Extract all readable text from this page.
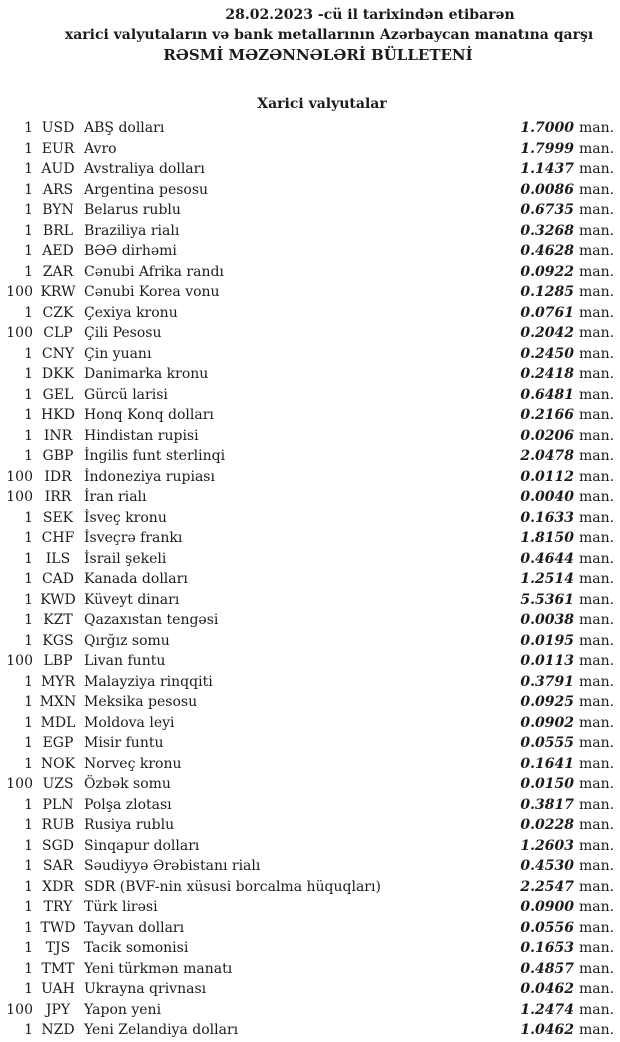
28.02.2023 -cü il tarixindən etibarən
xarici valyutaların və bank metallarının Azərbaycan manatına qarşı
RƏSMİ MƏZƏNNƏLƏRİ BÜLLETENİ
Xarici valyutalar
1 USD ABŞ dolları	1.7000 man.
1 EUR Avro	1.7999 man.
1 AUD Avstraliya dolları	1.1437 man.
1 ARS Argentina pesosu	0.0086 man.
1 BYN Belarus rublu	0.6735 man.
1 BRL Braziliya rialı	0.3268 man.
1 AED BƏƏ dirhəmi	0.4628 man.
1 ZAR Cənubi Afrika randı	0.0922 man.
100 KRW Cənubi Korea vonu	0.1285 man.
1 CZK Çexiya kronu	0.0761 man.
100 CLP Çili Pesosu	0.2042 man.
1 CNY Çin yuanı	0.2450 man.
1 DKK Danimarka kronu	0.2418 man.
1 GEL Gürcü larisi	0.6481 man.
1 HKD Honq Konq dolları	0.2166 man.
1 INR Hindistan rupisi	0.0206 man.
1 GBP İngilis funt sterlinqi	2.0478 man.
100 IDR İndoneziya rupiası	0.0112 man.
100 IRR İran rialı	0.0040 man.
1 SEK İsveç kronu	0.1633 man.
1 CHF İsveçrə frankı	1.8150 man.
1 ILS İsrail şekeli	0.4644 man.
1 CAD Kanada dolları	1.2514 man.
1 KWD Küveyt dinarı	5.5361 man.
1 KZT Qazaxıstan tengəsi	0.0038 man.
1 KGS Qırğız somu	0.0195 man.
100 LBP Livan funtu	0.0113 man.
1 MYR Malayziya rinqqiti	0.3791 man.
1 MXN Meksika pesosu	0.0925 man.
1 MDL Moldova leyi	0.0902 man.
1 EGP Misir funtu	0.0555 man.
1 NOK Norveç kronu	0.1641 man.
100 UZS Özbək somu	0.0150 man.
1 PLN Polşa zlotası	0.3817 man.
1 RUB Rusiya rublu	0.0228 man.
1 SGD Sinqapur dolları	1.2603 man.
1 SAR Səudiyyə Ərəbistanı rialı	0.4530 man.
1 XDR SDR (BVF-nin xüsusi borcalma hüquqları)	2.2547 man.
1 TRY Türk lirəsi	0.0900 man.
1 TWD Tayvan dolları	0.0556 man.
1 TJS Tacik somonisi	0.1653 man.
1 TMT Yeni türkmən manatı	0.4857 man.
1 UAH Ukrayna qrivnası	0.0462 man.
100 JPY Yapon yeni	1.2474 man.
1 NZD Yeni Zelandiya dolları	1.0462 man.
